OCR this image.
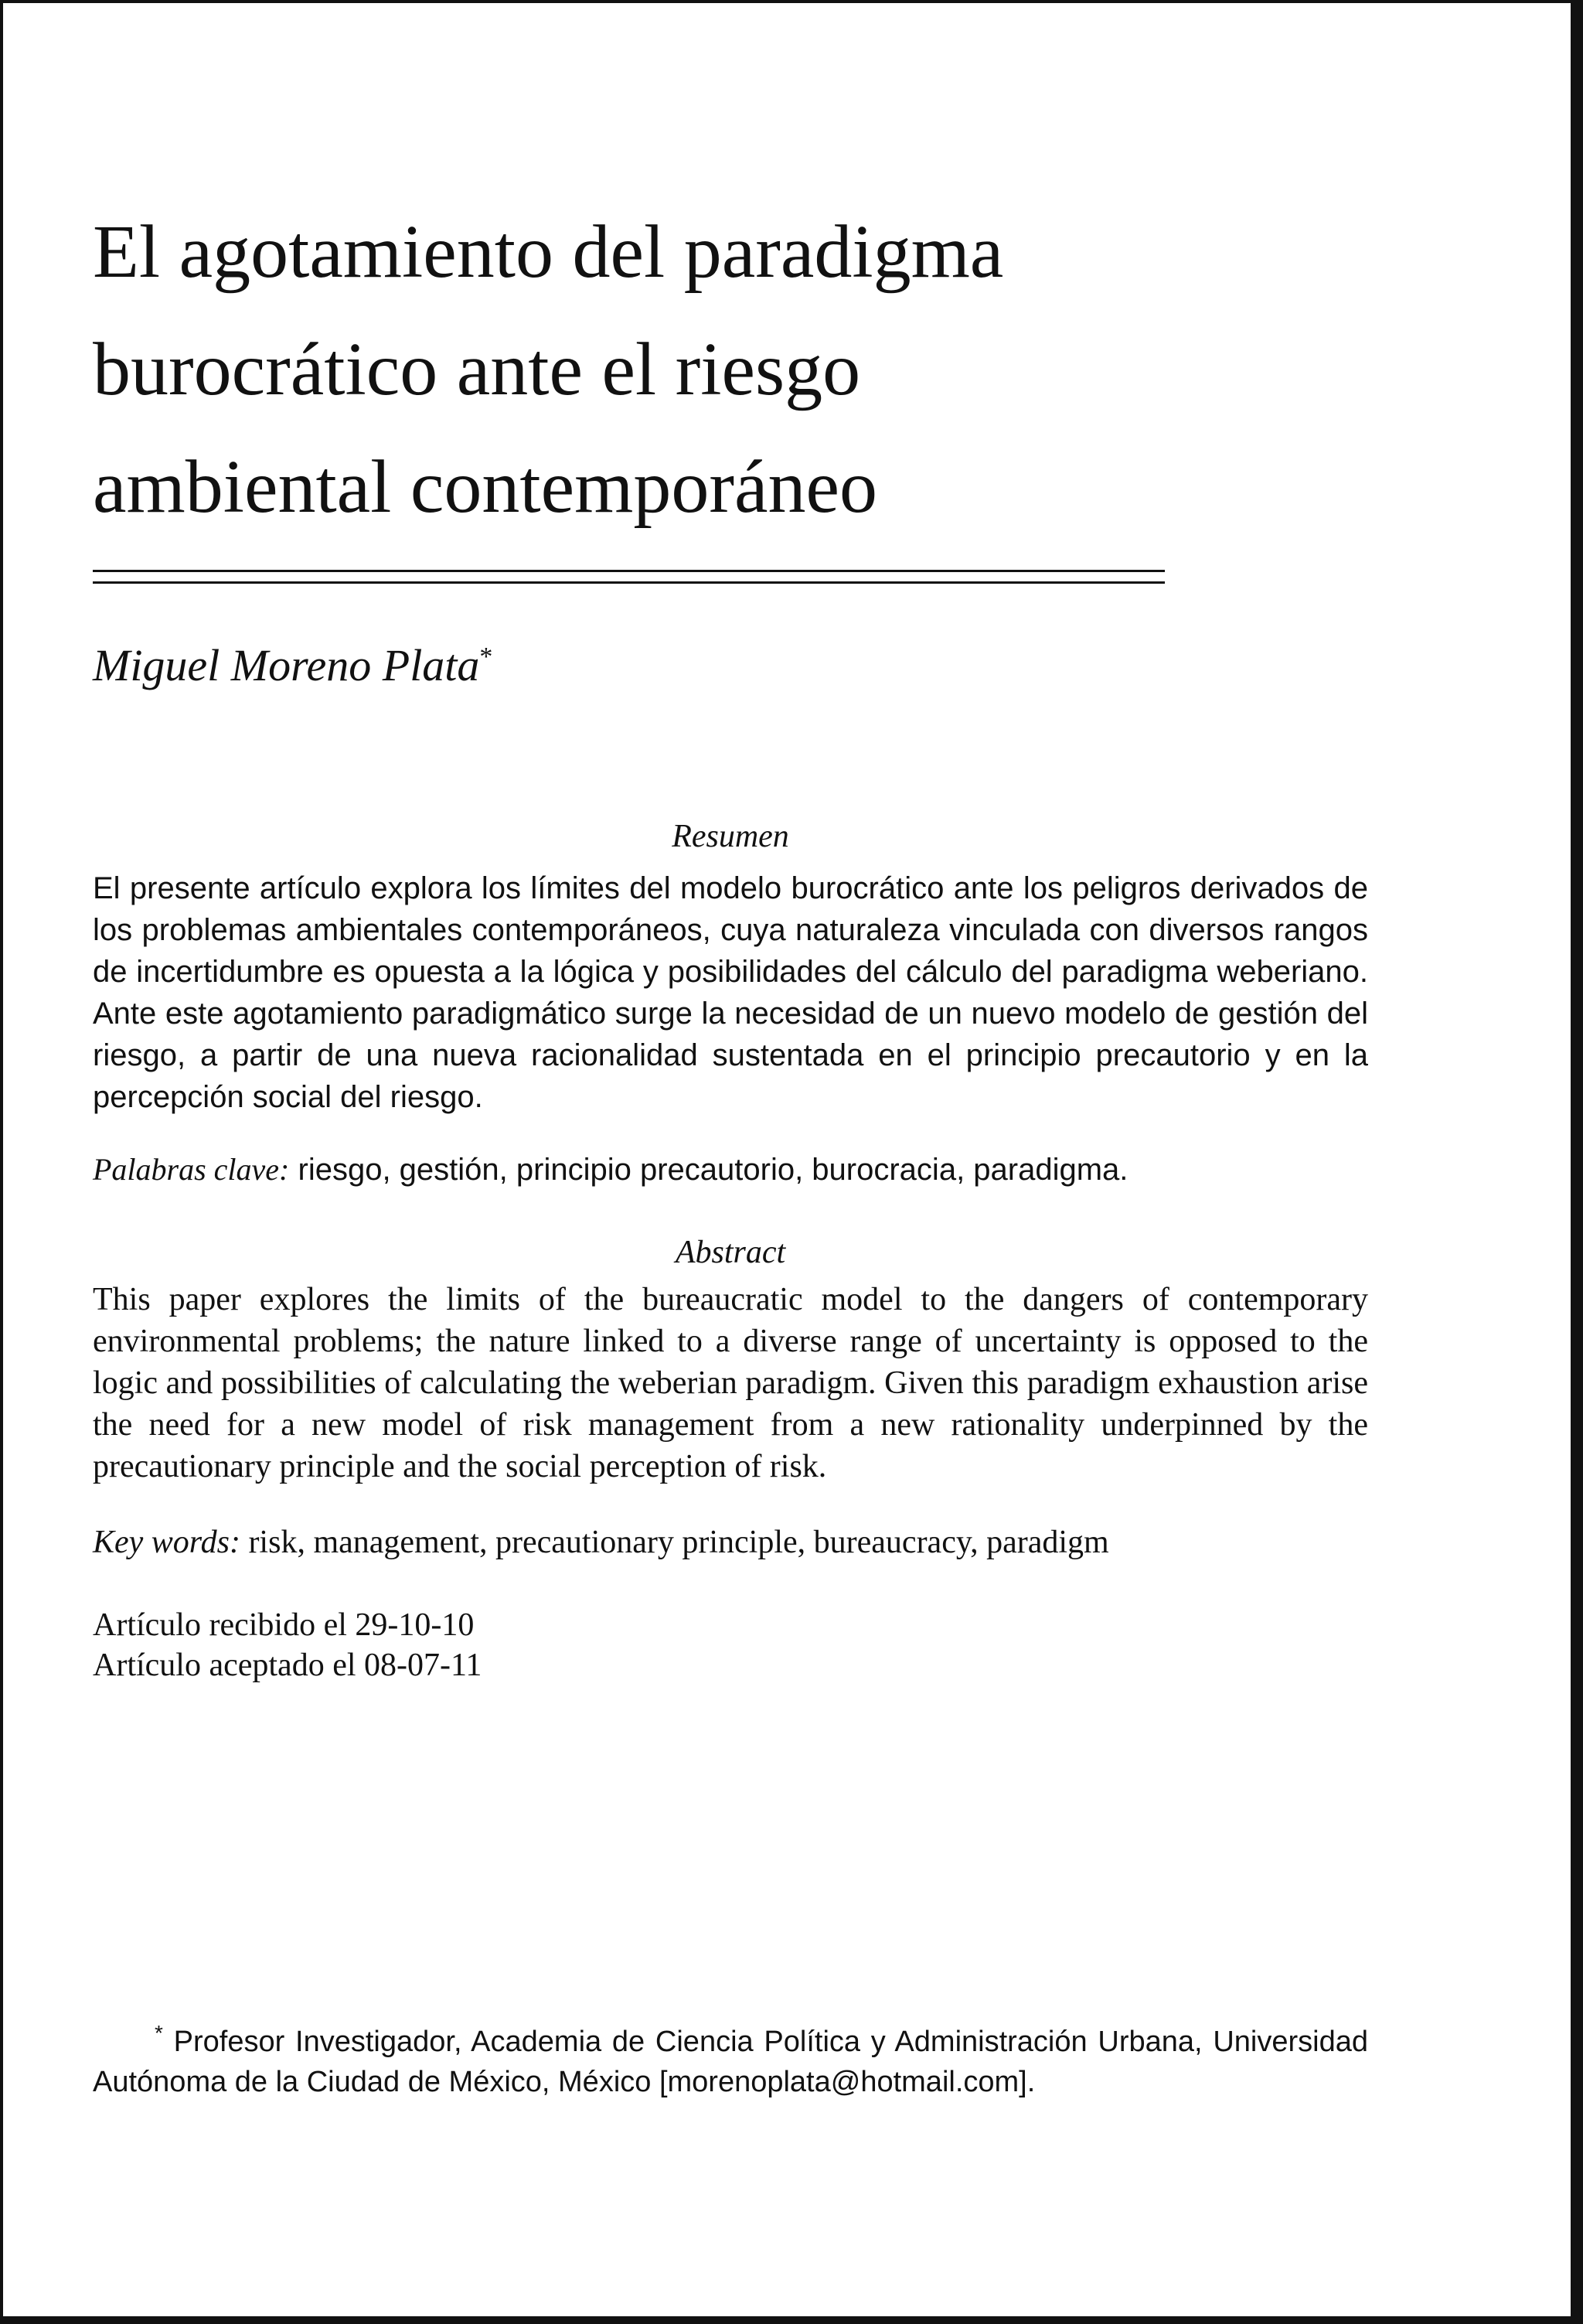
El agotamiento del paradigma
burocrático ante el riesgo
ambiental contemporáneo

Miguel Moreno Plata*

Resumen

El presente artículo explora los límites del modelo burocrático ante los peligros derivados de los problemas ambientales contemporáneos, cuya naturaleza vinculada con diversos rangos de incertidumbre es opuesta a la lógica y posibilidades del cálculo del paradigma weberiano. Ante este agotamiento paradigmático surge la necesidad de un nuevo modelo de gestión del riesgo, a partir de una nueva racionalidad sustentada en el principio precautorio y en la percepción social del riesgo.

Palabras clave: riesgo, gestión, principio precautorio, burocracia, paradigma.

Abstract

This paper explores the limits of the bureaucratic model to the dangers of contemporary environmental problems; the nature linked to a diverse range of uncertainty is opposed to the logic and possibilities of calculating the weberian paradigm. Given this paradigm exhaustion arise the need for a new model of risk management from a new rationality underpinned by the precautionary principle and the social perception of risk.

Key words: risk, management, precautionary principle, bureaucracy, paradigm

Artículo recibido el 29-10-10
Artículo aceptado el 08-07-11

* Profesor Investigador, Academia de Ciencia Política y Administración Urbana, Universidad Autónoma de la Ciudad de México, México [morenoplata@hotmail.com].
